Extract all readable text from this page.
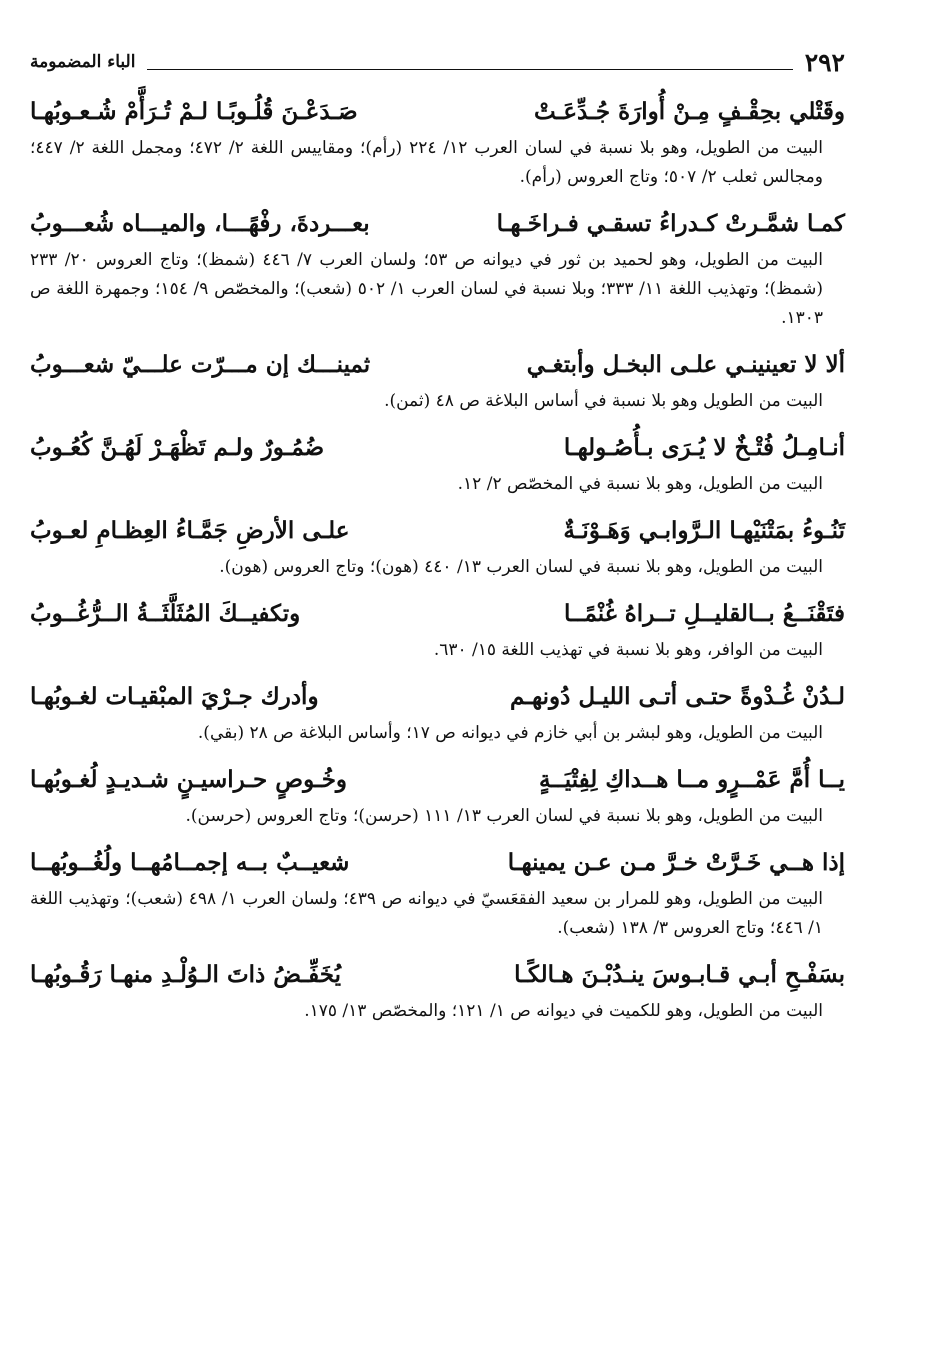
٢٩٢
الباء المضمومة
وقَتْلي بحِقْـفٍ مِـنْ أُوارَةَ جُـدِّعَـتْ
صَـدَعْـنَ قُلُـوبًـا لـمْ تُـرَأَّمْ شُـعـوبُهـا
البيت من الطويل، وهو بلا نسبة في لسان العرب ١٢/ ٢٢٤ (رأم)؛ ومقاييس اللغة ٢/ ٤٧٢؛ ومجمل اللغة ٢/ ٤٤٧؛ ومجالس ثعلب ٢/ ٥٠٧؛ وتاج العروس (رأم).
كمـا شمَّـرتْ كـدراءُ تسقـي فـراخَـهـا
بعـــردةَ، رفْهًـــا، والميـــاه شُعـــوبُ
البيت من الطويل، وهو لحميد بن ثور في ديوانه ص ٥٣؛ ولسان العرب ٧/ ٤٤٦ (شمظ)؛ وتاج العروس ٢٠/ ٢٣٣ (شمظ)؛ وتهذيب اللغة ١١/ ٣٣٣؛ وبلا نسبة في لسان العرب ١/ ٥٠٢ (شعب)؛ والمخصّص ٩/ ١٥٤؛ وجمهرة اللغة ص ١٣٠٣.
ألا لا تعينينـي علـى البخـل وأبتغـي
ثمينـــك إن مـــرّت علـــيّ شعـــوبُ
البيت من الطويل وهو بلا نسبة في أساس البلاغة ص ٤٨ (ثمن).
أنـامِـلُ فُتْـخٌ لا يُـرَى بـأُصُـولهـا
ضُمُـورٌ ولـم تَظْهَـرْ لَهُـنَّ كُعُـوبُ
البيت من الطويل، وهو بلا نسبة في المخصّص ٢/ ١٢.
تَنُـوءُ بمَتْنَيْهـا الـرَّوابـي وَهَـوْنَـةٌ
علـى الأرضِ جَمَّـاءُ العِظـامِ لعـوبُ
البيت من الطويل، وهو بلا نسبة في لسان العرب ١٣/ ٤٤٠ (هون)؛ وتاج العروس (هون).
فتَقْنَــعُ بــالقليــلِ تــراهُ غُنْمًــا
وتكفيــكَ المُثَلَّثَــةُ الــرُّغُــوبُ
البيت من الوافر، وهو بلا نسبة في تهذيب اللغة ١٥/ ٦٣٠.
لـدُنْ غُـدْوةً حتـى أتـى الليـل دُونهـم
وأدرك جـرْيَ المبْقيـات لغـوبُهـا
البيت من الطويل، وهو لبشر بن أبي خازم في ديوانه ص ١٧؛ وأساس البلاغة ص ٢٨ (بقي).
يــا أُمَّ عَمْــرٍو مــا هــداكِ لِفِتْيَــةٍ
وخُـوصٍ حـراسيـنٍ شـديـدٍ لُغـوبُهـا
البيت من الطويل، وهو بلا نسبة في لسان العرب ١٣/ ١١١ (حرسن)؛ وتاج العروس (حرسن).
إذا هــي خَـرَّتْ خـرَّ مـن عـن يمينهـا
شعيــبٌ بــه إجمــامُهــا ولُغُــوبُهــا
البيت من الطويل، وهو للمرار بن سعيد الفقعَسيّ في ديوانه ص ٤٣٩؛ ولسان العرب ١/ ٤٩٨ (شعب)؛ وتهذيب اللغة ١/ ٤٤٦؛ وتاج العروس ٣/ ١٣٨ (شعب).
بسَفْـحِ أبـي قـابـوسَ ينـدُبْـنَ هـالكًـا
يُخَفِّـضُ ذاتَ الـوُلْـدِ منهـا رَقُـوبُهـا
البيت من الطويل، وهو للكميت في ديوانه ص ١/ ١٢١؛ والمخصّص ١٣/ ١٧٥.
